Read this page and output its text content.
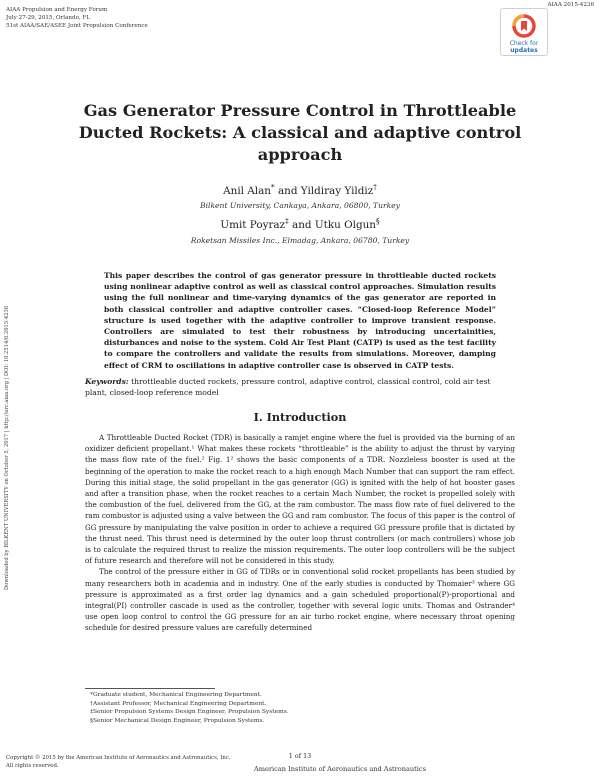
AIAA Propulsion and Energy Forum
July 27-29, 2015, Orlando, FL
51st AIAA/SAE/ASEE Joint Propulsion Conference
AIAA 2015-4236
Check for
updates
Downloaded by BILKENT UNIVERSITY on October 5, 2017 | http://arc.aiaa.org | DOI: 10.2514/6.2015-4236
Gas Generator Pressure Control in Throttleable
Ducted Rockets: A classical and adaptive control
approach
Anil Alan* and Yildiray Yildiz†
Bilkent University, Cankaya, Ankara, 06800, Turkey
Umit Poyraz‡ and Utku Olgun§
Roketsan Missiles Inc., Elmadag, Ankara, 06780, Turkey
This paper describes the control of gas generator pressure in throttleable ducted rockets using nonlinear adaptive control as well as classical control approaches. Simulation results using the full nonlinear and time-varying dynamics of the gas generator are reported in both classical controller and adaptive controller cases. “Closed-loop Reference Model” structure is used together with the adaptive controller to improve transient response. Controllers are simulated to test their robustness by introducing uncertainities, disturbances and noise to the system. Cold Air Test Plant (CATP) is used as the test facility to compare the controllers and validate the results from simulations. Moreover, damping effect of CRM to oscillations in adaptive controller case is observed in CATP tests.
Keywords: throttleable ducted rockets, pressure control, adaptive control, classical control, cold air test plant, closed-loop reference model
I. Introduction

A Throttleable Ducted Rocket (TDR) is basically a ramjet engine where the fuel is provided via the burning of an oxidizer deficient propellant.¹ What makes these rockets “throttleable” is the ability to adjust the thrust by varying the mass flow rate of the fuel.² Fig. 1² shows the basic components of a TDR. Nozzleless booster is used at the beginning of the operation to make the rocket reach to a high enough Mach Number that can support the ram effect. During this initial stage, the solid propellant in the gas generator (GG) is ignited with the help of hot booster gases and after a transition phase, when the rocket reaches to a certain Mach Number, the rocket is propelled solely with the combustion of the fuel, delivered from the GG, at the ram combustor. The mass flow rate of fuel delivered to the ram combustor is adjusted using a valve between the GG and ram combustor. The focus of this paper is the control of GG pressure by manipulating the valve position in order to achieve a required GG pressure profile that is dictated by the thrust need. This thrust need is determined by the outer loop thrust controllers (or mach controllers) whose job is to calculate the required thrust to realize the mission requirements. The outer loop controllers will be the subject of future research and therefore will not be considered in this study.

The control of the pressure either in GG of TDRs or in conventional solid rocket propellants has been studied by many researchers both in academia and in industry. One of the early studies is conducted by Thomaier³ where GG pressure is approximated as a first order lag dynamics and a gain scheduled proportional(P)-proportional and integral(PI) controller cascade is used as the controller, together with several logic units. Thomas and Ostrander⁴ use open loop control to control the GG pressure for an air turbo rocket engine, where necessary throat opening schedule for desired pressure values are carefully determined

*Graduate student, Mechanical Engineering Department.
†Assistant Professor, Mechanical Engineering Department.
‡Senior Propulsion Systems Design Engineer, Propulsion Systems.
§Senior Mechanical Design Engineer, Propulsion Systems.
1 of 13
Copyright © 2015 by the American Institute of Aeronautics and Astronautics, Inc.
All rights reserved.	American Institute of Aeronautics and Astronautics
